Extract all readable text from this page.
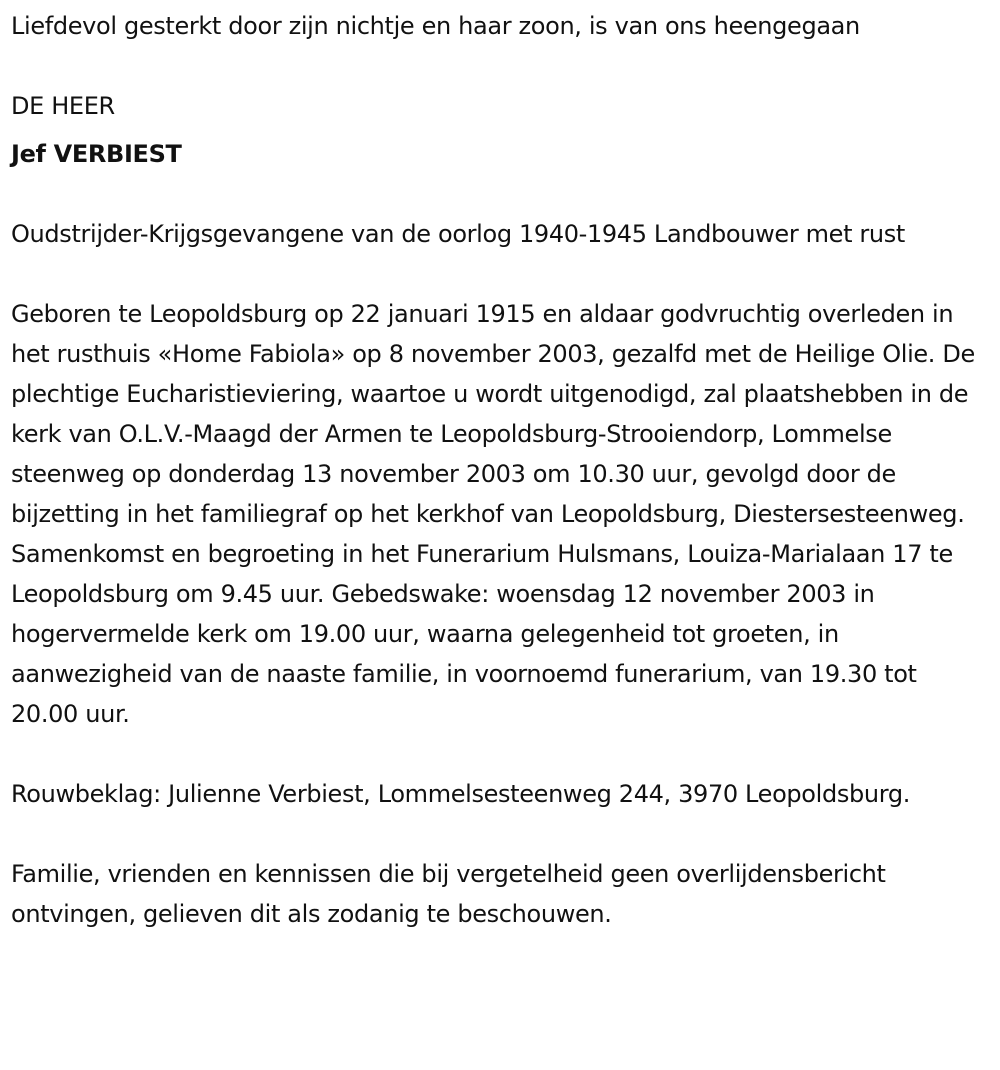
Liefdevol gesterkt door zijn nichtje en haar zoon, is van ons heengegaan

DE HEER

Jef VERBIEST

Oudstrijder-Krijgsgevangene van de oorlog 1940-1945 Landbouwer met rust

Geboren te Leopoldsburg op 22 januari 1915 en aldaar godvruchtig overleden in het rusthuis «Home Fabiola» op 8 november 2003, gezalfd met de Heilige Olie. De plechtige Eucharistieviering, waartoe u wordt uitgenodigd, zal plaatshebben in de kerk van O.L.V.-Maagd der Armen te Leopoldsburg-Strooiendorp, Lommelse steenweg op donderdag 13 november 2003 om 10.30 uur, gevolgd door de bijzetting in het familiegraf op het kerkhof van Leopoldsburg, Diestersesteenweg. Samenkomst en begroeting in het Funerarium Hulsmans, Louiza-Marialaan 17 te Leopoldsburg om 9.45 uur. Gebedswake: woensdag 12 november 2003 in hogervermelde kerk om 19.00 uur, waarna gelegenheid tot groeten, in aanwezigheid van de naaste familie, in voornoemd funerarium, van 19.30 tot 20.00 uur.

Rouwbeklag: Julienne Verbiest, Lommelsesteenweg 244, 3970 Leopoldsburg.

Familie, vrienden en kennissen die bij vergetelheid geen overlijdensbericht ontvingen, gelieven dit als zodanig te beschouwen.
